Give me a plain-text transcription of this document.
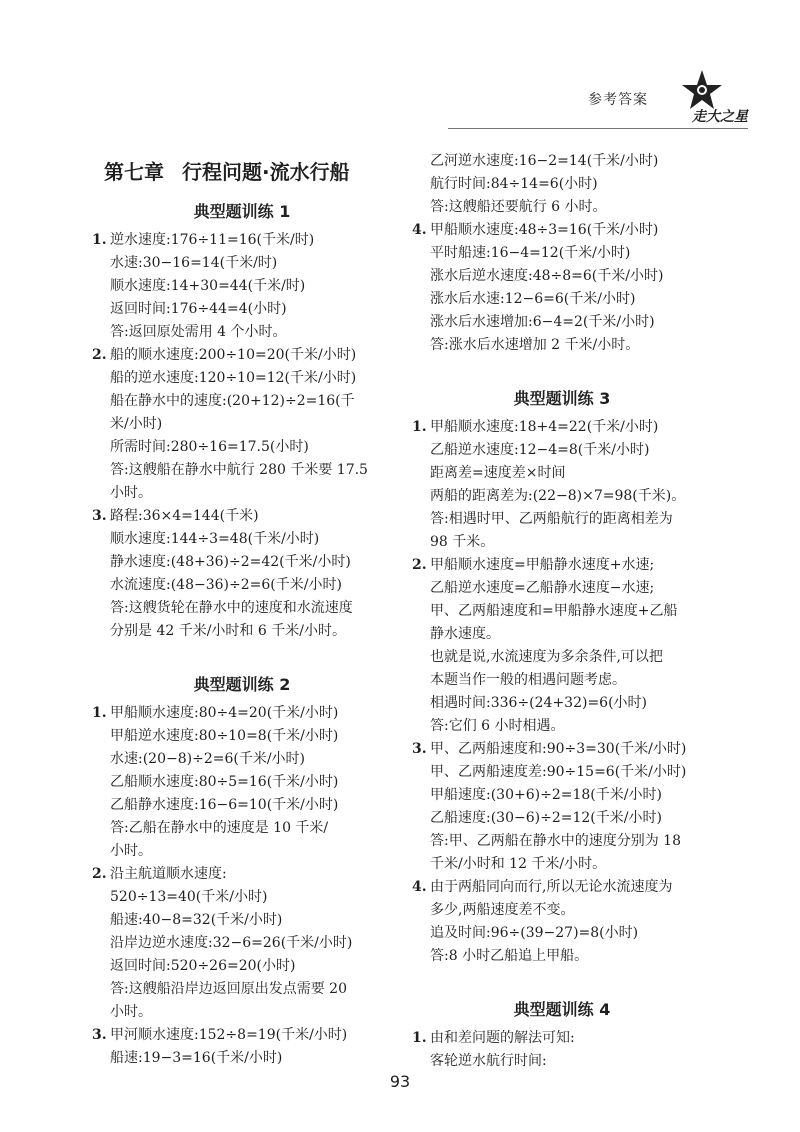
参考答案
走大之星
第七章 行程问题·流水行船
典型题训练 1
1. 逆水速度:176÷11=16(千米/时)
水速:30−16=14(千米/时)
顺水速度:14+30=44(千米/时)
返回时间:176÷44=4(小时)
答:返回原处需用 4 个小时。
2. 船的顺水速度:200÷10=20(千米/小时)
船的逆水速度:120÷10=12(千米/小时)
船在静水中的速度:(20+12)÷2=16(千
米/小时)
所需时间:280÷16=17.5(小时)
答:这艘船在静水中航行 280 千米要 17.5
小时。
3. 路程:36×4=144(千米)
顺水速度:144÷3=48(千米/小时)
静水速度:(48+36)÷2=42(千米/小时)
水流速度:(48−36)÷2=6(千米/小时)
答:这艘货轮在静水中的速度和水流速度
分别是 42 千米/小时和 6 千米/小时。
典型题训练 2
1. 甲船顺水速度:80÷4=20(千米/小时)
甲船逆水速度:80÷10=8(千米/小时)
水速:(20−8)÷2=6(千米/小时)
乙船顺水速度:80÷5=16(千米/小时)
乙船静水速度:16−6=10(千米/小时)
答:乙船在静水中的速度是 10 千米/
小时。
2. 沿主航道顺水速度:
520÷13=40(千米/小时)
船速:40−8=32(千米/小时)
沿岸边逆水速度:32−6=26(千米/小时)
返回时间:520÷26=20(小时)
答:这艘船沿岸边返回原出发点需要 20
小时。
3. 甲河顺水速度:152÷8=19(千米/小时)
船速:19−3=16(千米/小时)
乙河逆水速度:16−2=14(千米/小时)
航行时间:84÷14=6(小时)
答:这艘船还要航行 6 小时。
4. 甲船顺水速度:48÷3=16(千米/小时)
平时船速:16−4=12(千米/小时)
涨水后逆水速度:48÷8=6(千米/小时)
涨水后水速:12−6=6(千米/小时)
涨水后水速增加:6−4=2(千米/小时)
答:涨水后水速增加 2 千米/小时。
典型题训练 3
1. 甲船顺水速度:18+4=22(千米/小时)
乙船逆水速度:12−4=8(千米/小时)
距离差=速度差×时间
两船的距离差为:(22−8)×7=98(千米)。
答:相遇时甲、乙两船航行的距离相差为
98 千米。
2. 甲船顺水速度=甲船静水速度+水速;
乙船逆水速度=乙船静水速度−水速;
甲、乙两船速度和=甲船静水速度+乙船
静水速度。
也就是说,水流速度为多余条件,可以把
本题当作一般的相遇问题考虑。
相遇时间:336÷(24+32)=6(小时)
答:它们 6 小时相遇。
3. 甲、乙两船速度和:90÷3=30(千米/小时)
甲、乙两船速度差:90÷15=6(千米/小时)
甲船速度:(30+6)÷2=18(千米/小时)
乙船速度:(30−6)÷2=12(千米/小时)
答:甲、乙两船在静水中的速度分别为 18
千米/小时和 12 千米/小时。
4. 由于两船同向而行,所以无论水流速度为
多少,两船速度差不变。
追及时间:96÷(39−27)=8(小时)
答:8 小时乙船追上甲船。
典型题训练 4
1. 由和差问题的解法可知:
客轮逆水航行时间:
93
